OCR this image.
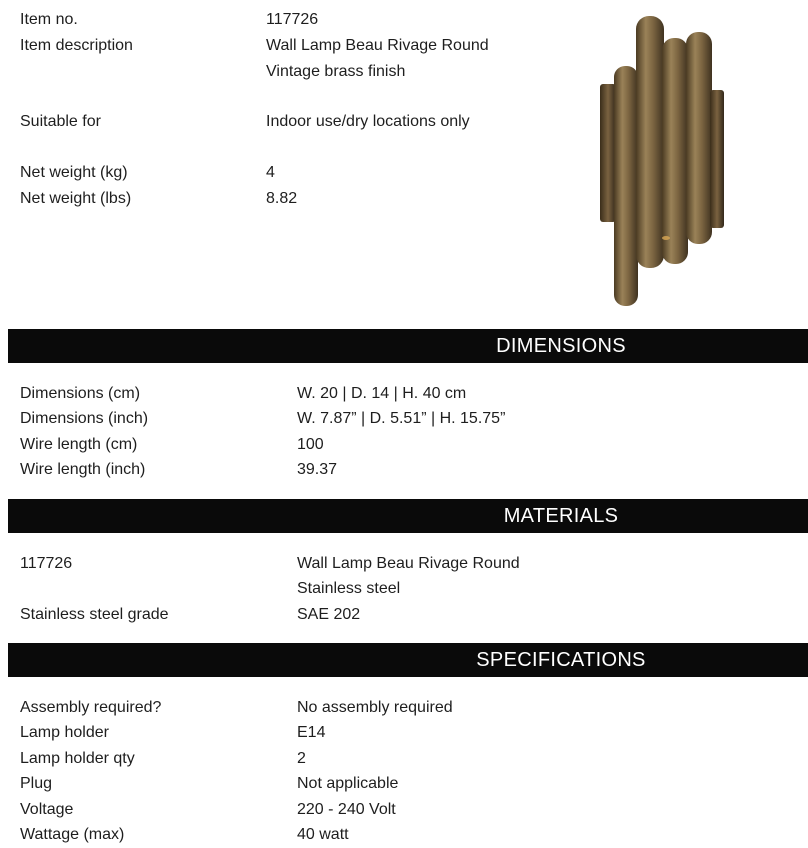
Item no.	117726
Item description	Wall Lamp Beau Rivage Round
Vintage brass finish
Suitable for	Indoor use/dry locations only
Net weight (kg)	4
Net weight (lbs)	8.82
DIMENSIONS
Dimensions (cm)	W. 20 | D. 14 | H. 40 cm
Dimensions (inch)	W. 7.87” | D. 5.51” | H. 15.75”
Wire length (cm)	100
Wire length (inch)	39.37
MATERIALS
117726	Wall Lamp Beau Rivage Round
Stainless steel
Stainless steel grade	SAE 202
SPECIFICATIONS
Assembly required?	No assembly required
Lamp holder	E14
Lamp holder qty	2
Plug	Not applicable
Voltage	220 - 240 Volt
Wattage (max)	40 watt
